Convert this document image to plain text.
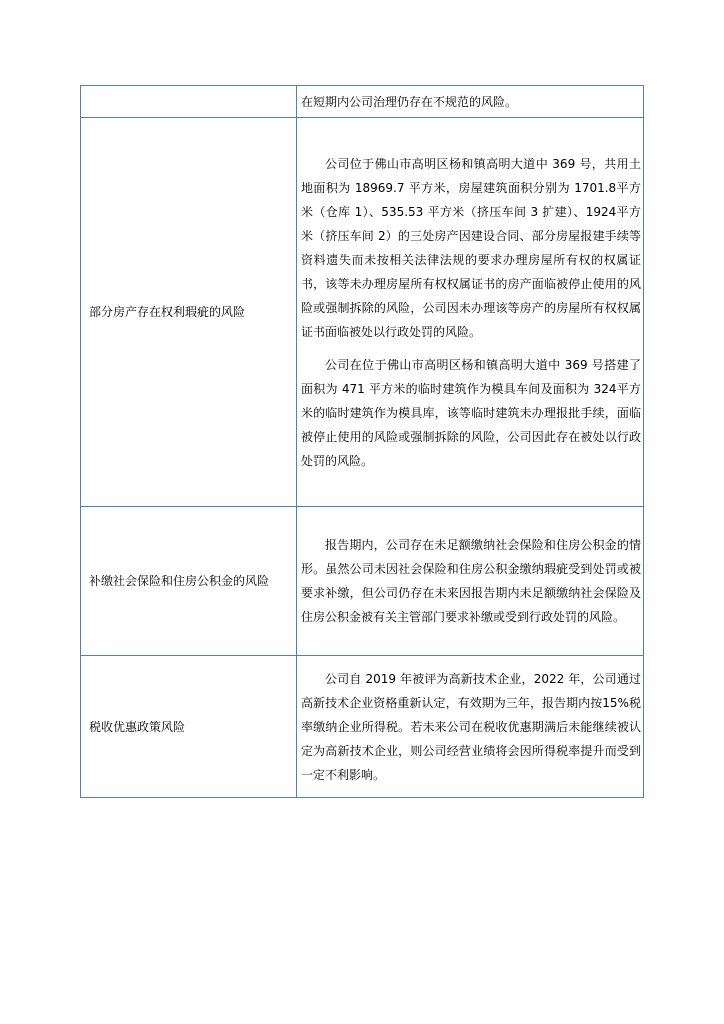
	在短期内公司治理仍存在不规范的风险。

部分房产存在权利瑕疵的风险	公司位于佛山市高明区杨和镇高明大道中 369 号，共用土地面积为 18969.7 平方米，房屋建筑面积分别为 1701.8平方米（仓库 1）、535.53 平方米（挤压车间 3 扩建）、1924平方米（挤压车间 2）的三处房产因建设合同、部分房屋报建手续等资料遗失而未按相关法律法规的要求办理房屋所有权的权属证书，该等未办理房屋所有权权属证书的房产面临被停止使用的风险或强制拆除的风险，公司因未办理该等房产的房屋所有权权属证书面临被处以行政处罚的风险。

公司在位于佛山市高明区杨和镇高明大道中 369 号搭建了面积为 471 平方米的临时建筑作为模具车间及面积为 324平方米的临时建筑作为模具库，该等临时建筑未办理报批手续，面临被停止使用的风险或强制拆除的风险，公司因此存在被处以行政处罚的风险。

补缴社会保险和住房公积金的风险	报告期内，公司存在未足额缴纳社会保险和住房公积金的情形。虽然公司未因社会保险和住房公积金缴纳瑕疵受到处罚或被要求补缴，但公司仍存在未来因报告期内未足额缴纳社会保险及住房公积金被有关主管部门要求补缴或受到行政处罚的风险。

税收优惠政策风险	公司自 2019 年被评为高新技术企业，2022 年，公司通过高新技术企业资格重新认定，有效期为三年，报告期内按15%税率缴纳企业所得税。若未来公司在税收优惠期满后未能继续被认定为高新技术企业，则公司经营业绩将会因所得税率提升而受到一定不利影响。
